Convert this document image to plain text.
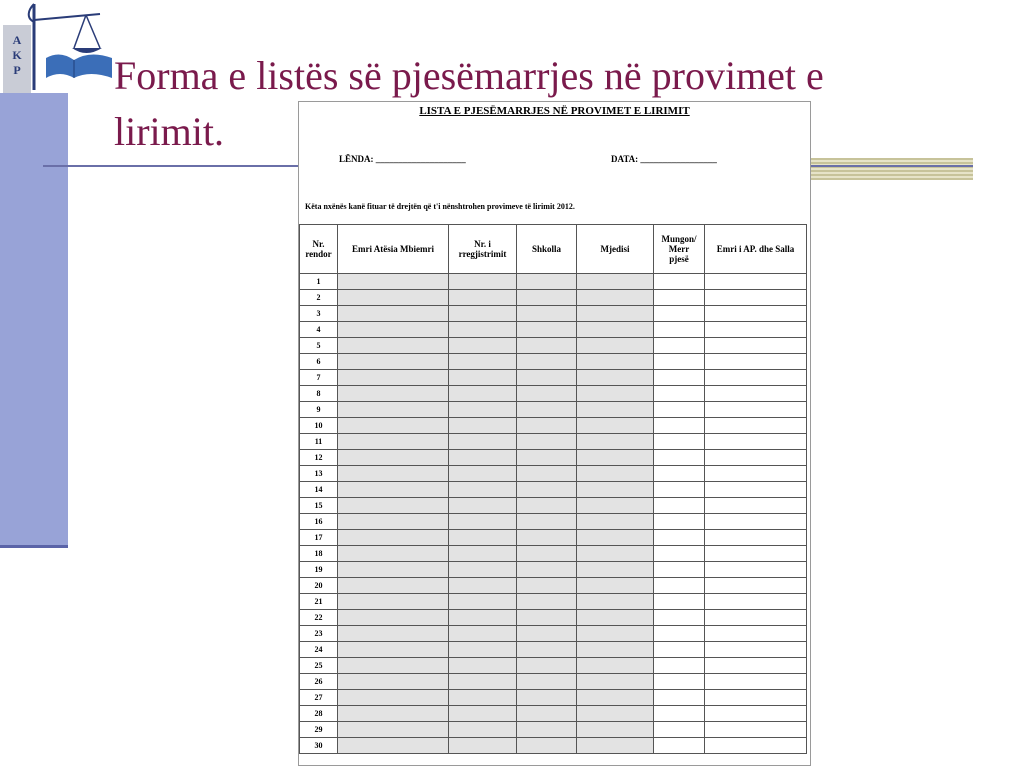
A
K
P Forma e listës së pjesëmarrjes në provimet e
lirimit.	LISTA E PJESËMARRJES NË PROVIMET E LIRIMIT
LËNDA: ____________________	DATA: _________________
Këta nxënës kanë fituar të drejtën që t'i nënshtrohen provimeve të lirimit 2012.
Nr.
rendor	Emri Atësia Mbiemri	Nr. i
rregjistrimit	Shkolla	Mjedisi	Mungon/
Merr
pjesë	Emri i AP. dhe Salla
1						
2						
3						
4						
5						
6						
7						
8						
9						
10						
11						
12						
13						
14						
15						
16						
17						
18						
19						
20						
21						
22						
23						
24						
25						
26						
27						
28						
29						
30						
